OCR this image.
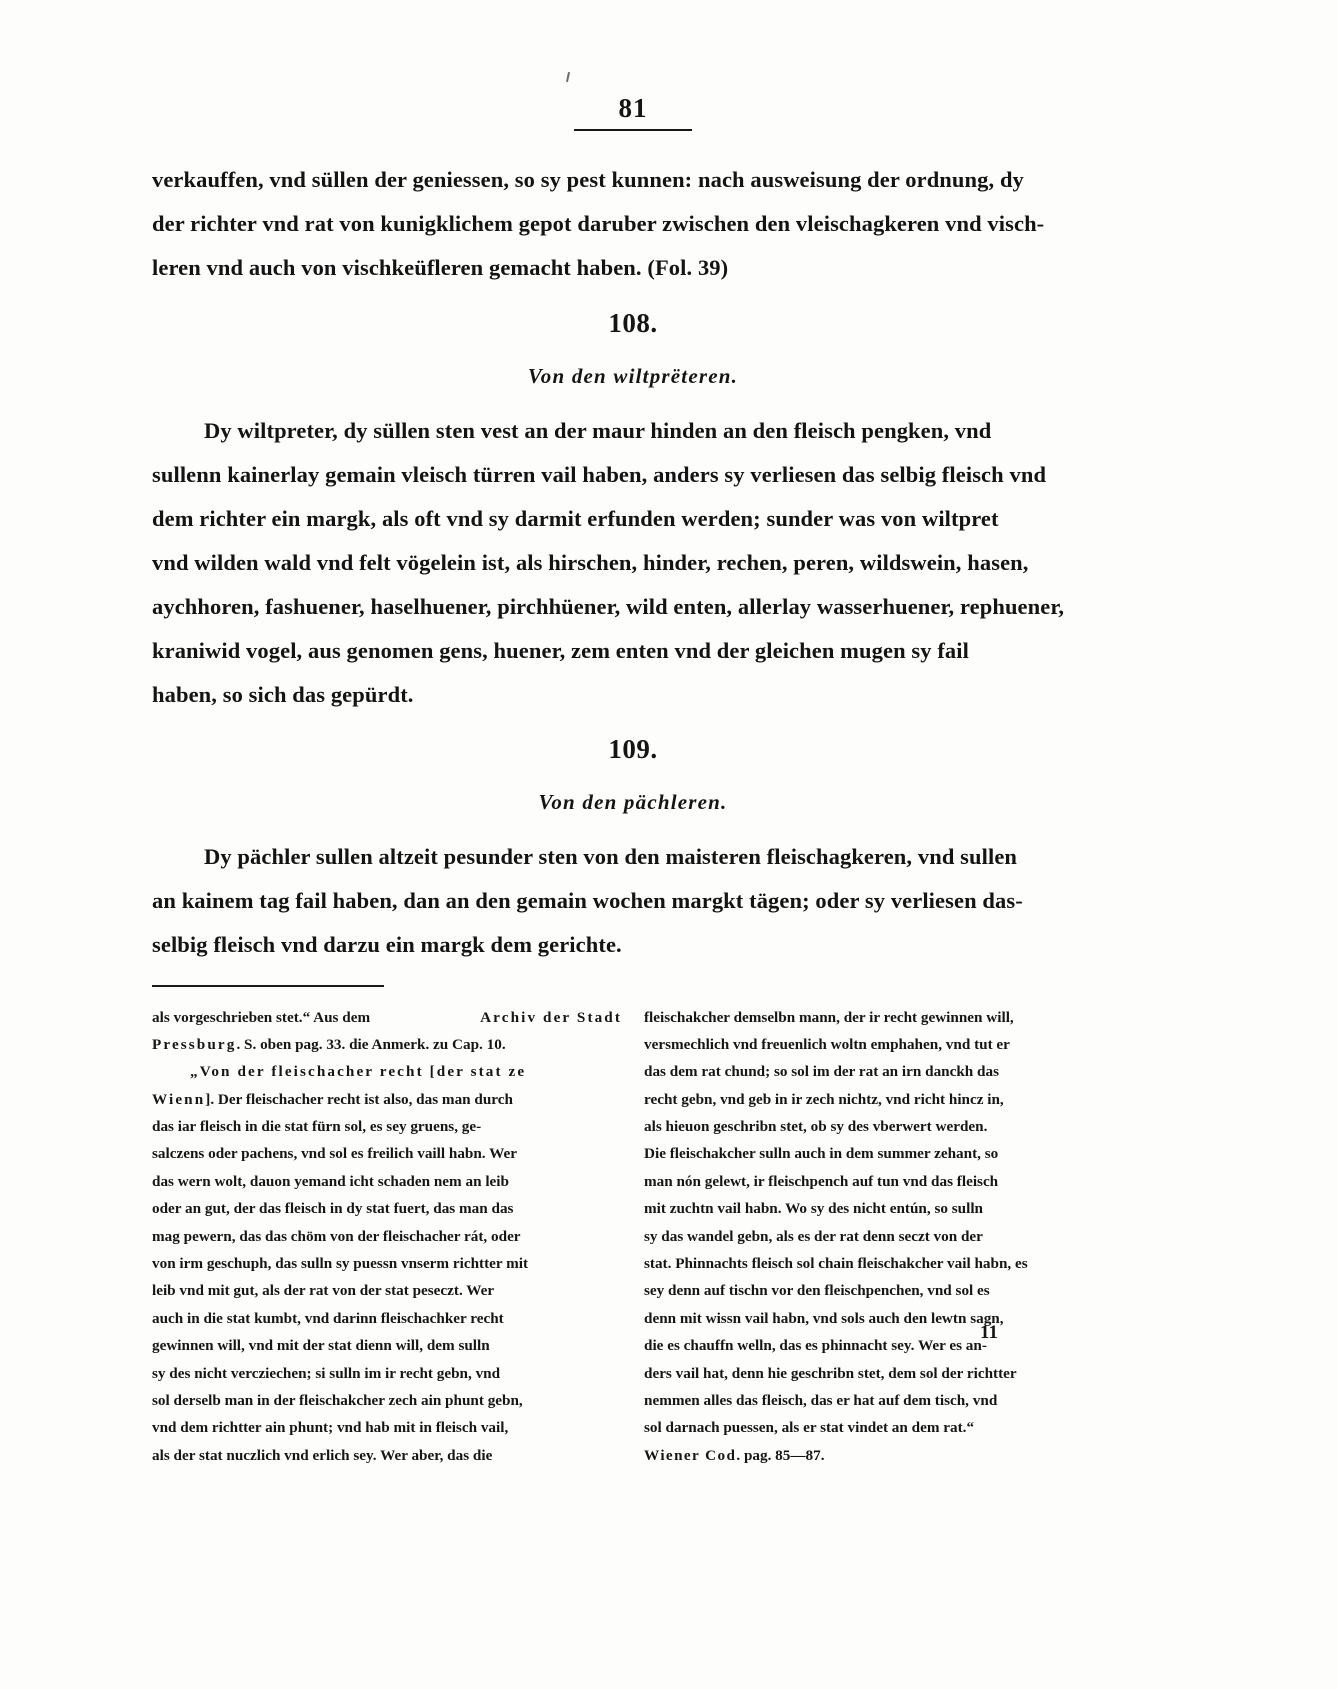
81
verkauffen, vnd süllen der geniessen, so sy pest kunnen: nach ausweisung der ordnung, dy
der richter vnd rat von kunigklichem gepot daruber zwischen den vleischagkeren vnd visch-
leren vnd auch von vischkeüfleren gemacht haben. (Fol. 39)
108.
Von den wiltprëteren.
Dy wiltpreter, dy süllen sten vest an der maur hinden an den fleisch pengken, vnd
sullenn kainerlay gemain vleisch türren vail haben, anders sy verliesen das selbig fleisch vnd
dem richter ein margk, als oft vnd sy darmit erfunden werden; sunder was von wiltpret
vnd wilden wald vnd felt vögelein ist, als hirschen, hinder, rechen, peren, wildswein, hasen,
aychhoren, fashuener, haselhuener, pirchhüener, wild enten, allerlay wasserhuener, rephuener,
kraniwid vogel, aus genomen gens, huener, zem enten vnd der gleichen mugen sy fail
haben, so sich das gepürdt.
109.
Von den pächleren.
Dy pächler sullen altzeit pesunder sten von den maisteren fleischagkeren, vnd sullen
an kainem tag fail haben, dan an den gemain wochen margkt tägen; oder sy verliesen das-
selbig fleisch vnd darzu ein margk dem gerichte.
als vorgeschrieben stet.“ Aus dem	Archiv der Stadt
Pressburg. S. oben pag. 33. die Anmerk. zu Cap. 10.
„Von der fleischacher recht [der stat ze
Wienn]. Der fleischacher recht ist also, das man durch
das iar fleisch in die stat fürn sol, es sey gruens, ge-
salczens oder pachens, vnd sol es freilich vaill habn. Wer
das wern wolt, dauon yemand icht schaden nem an leib
oder an gut, der das fleisch in dy stat fuert, das man das
mag pewern, das das chöm von der fleischacher rát, oder
von irm geschuph, das sulln sy puessn vnserm richtter mit
leib vnd mit gut, als der rat von der stat peseczt. Wer
auch in die stat kumbt, vnd darinn fleischachker recht
gewinnen will, vnd mit der stat dienn will, dem sulln
sy des nicht vercziechen; si sulln im ir recht gebn, vnd
sol derselb man in der fleischakcher zech ain phunt gebn,
vnd dem richtter ain phunt; vnd hab mit in fleisch vail,
als der stat nuczlich vnd erlich sey. Wer aber, das die
fleischakcher demselbn mann, der ir recht gewinnen will,
versmechlich vnd freuenlich woltn emphahen, vnd tut er
das dem rat chund; so sol im der rat an irn danckh das
recht gebn, vnd geb in ir zech nichtz, vnd richt hincz in,
als hieuon geschribn stet, ob sy des vberwert werden.
Die fleischakcher sulln auch in dem summer zehant, so
man nón gelewt, ir fleischpench auf tun vnd das fleisch
mit zuchtn vail habn. Wo sy des nicht entún, so sulln
sy das wandel gebn, als es der rat denn seczt von der
stat. Phinnachts fleisch sol chain fleischakcher vail habn, es
sey denn auf tischn vor den fleischpenchen, vnd sol es
denn mit wissn vail habn, vnd sols auch den lewtn sagn,
die es chauffn welln, das es phinnacht sey. Wer es an-
ders vail hat, denn hie geschribn stet, dem sol der richtter
nemmen alles das fleisch, das er hat auf dem tisch, vnd
sol darnach puessen, als er stat vindet an dem rat.“
Wiener Cod. pag. 85—87.
11
